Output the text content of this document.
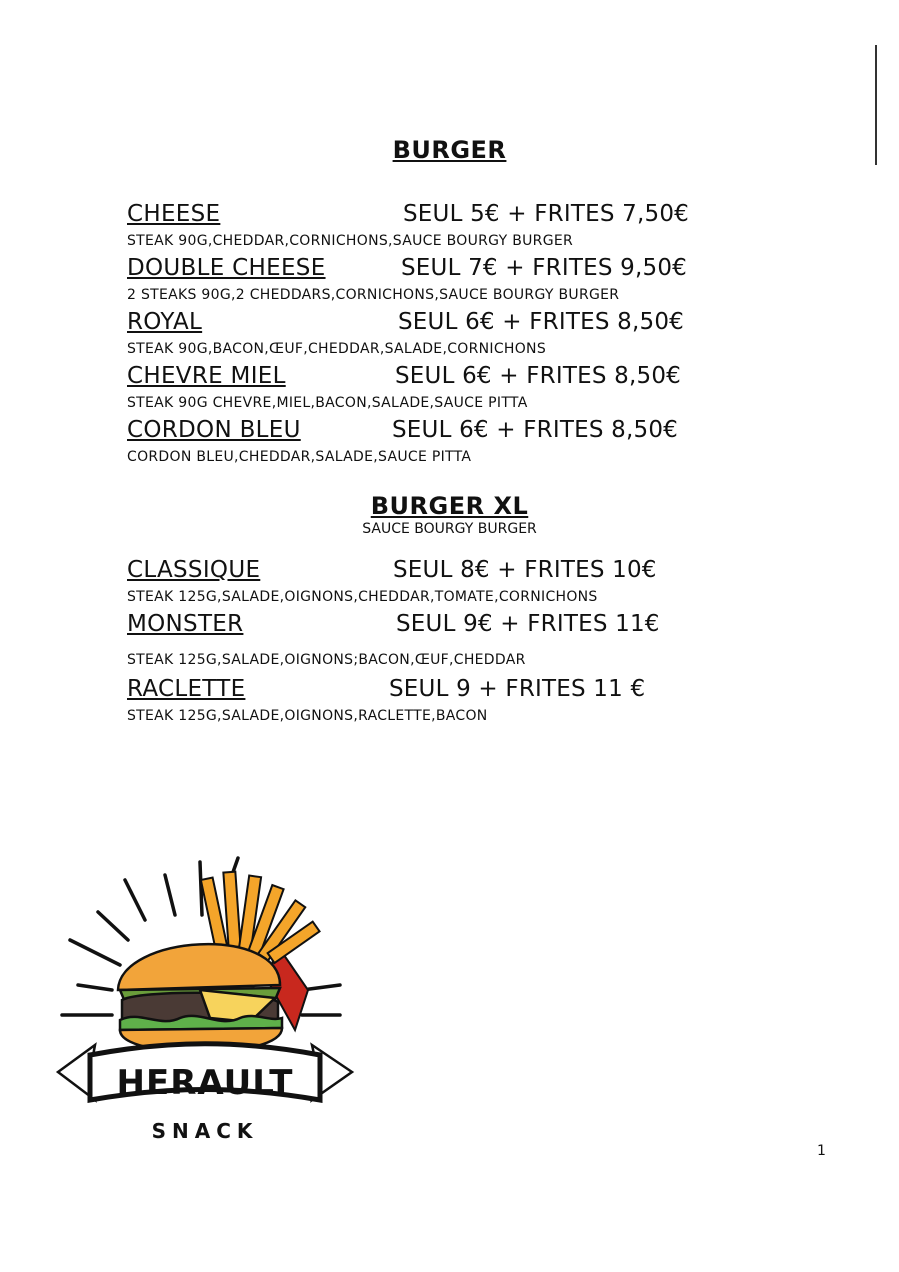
BURGER
CHEESE	SEUL 5€ + FRITES 7,50€
STEAK 90G,CHEDDAR,CORNICHONS,SAUCE BOURGY BURGER
DOUBLE CHEESE	SEUL 7€ + FRITES 9,50€
2 STEAKS 90G,2 CHEDDARS,CORNICHONS,SAUCE BOURGY BURGER
ROYAL	SEUL 6€ + FRITES 8,50€
STEAK 90G,BACON,ŒUF,CHEDDAR,SALADE,CORNICHONS
CHEVRE MIEL	SEUL 6€ + FRITES 8,50€
STEAK 90G CHEVRE,MIEL,BACON,SALADE,SAUCE PITTA
CORDON BLEU	SEUL 6€ + FRITES 8,50€
CORDON BLEU,CHEDDAR,SALADE,SAUCE PITTA
BURGER XL
SAUCE BOURGY BURGER
CLASSIQUE	SEUL 8€ + FRITES 10€
STEAK 125G,SALADE,OIGNONS,CHEDDAR,TOMATE,CORNICHONS
MONSTER	SEUL 9€ + FRITES 11€
STEAK 125G,SALADE,OIGNONS;BACON,ŒUF,CHEDDAR
RACLETTE	SEUL 9 + FRITES 11 €
STEAK 125G,SALADE,OIGNONS,RACLETTE,BACON
HERAULT
SNACK
1
